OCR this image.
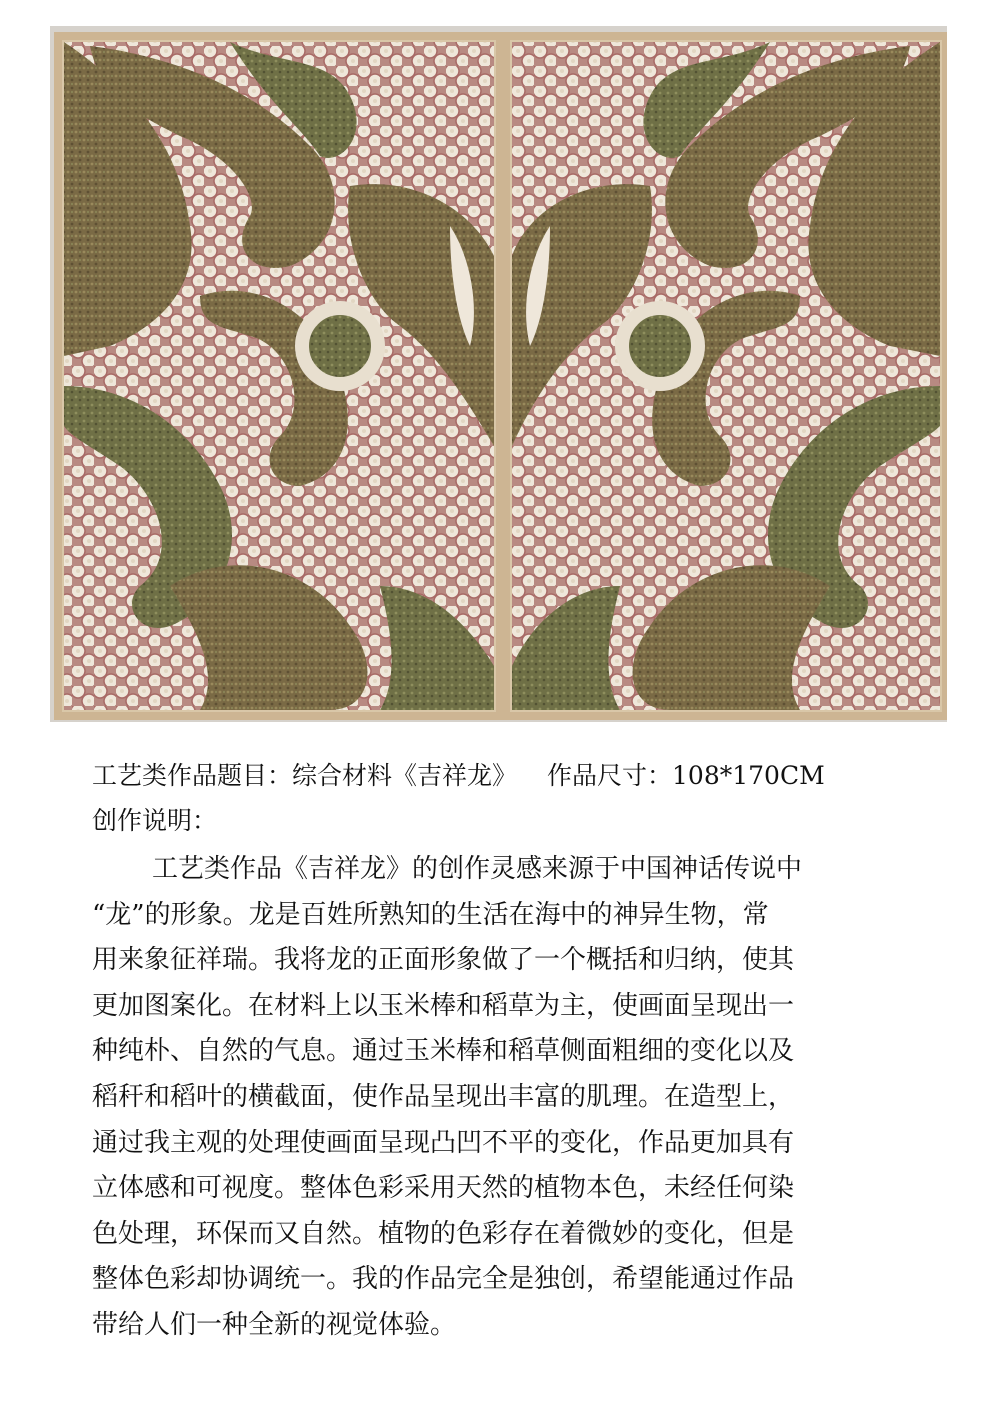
工艺类作品题目：综合材料《吉祥龙》 作品尺寸：108*170CM
创作说明：
工艺类作品《吉祥龙》的创作灵感来源于中国神话传说中
“龙”的形象。龙是百姓所熟知的生活在海中的神异生物，常
用来象征祥瑞。我将龙的正面形象做了一个概括和归纳，使其
更加图案化。在材料上以玉米棒和稻草为主，使画面呈现出一
种纯朴、自然的气息。通过玉米棒和稻草侧面粗细的变化以及
稻秆和稻叶的横截面，使作品呈现出丰富的肌理。在造型上，
通过我主观的处理使画面呈现凸凹不平的变化，作品更加具有
立体感和可视度。整体色彩采用天然的植物本色，未经任何染
色处理，环保而又自然。植物的色彩存在着微妙的变化，但是
整体色彩却协调统一。我的作品完全是独创，希望能通过作品
带给人们一种全新的视觉体验。
